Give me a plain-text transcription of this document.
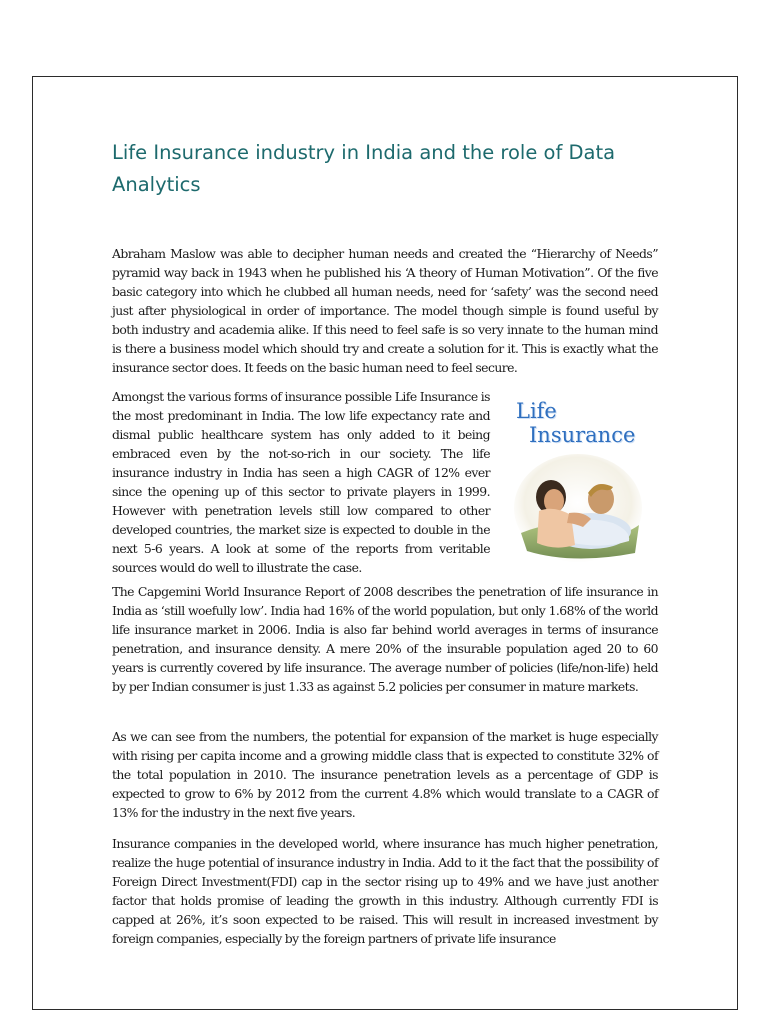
Life Insurance industry in India and the role of Data Analytics

Abraham Maslow was able to decipher human needs and created the “Hierarchy of Needs” pyramid way back in 1943 when he published his ‘A theory of Human Motivation”. Of the five basic category into which he clubbed all human needs, need for ‘safety’ was the second need just after physiological in order of importance. The model though simple is found useful by both industry and academia alike. If this need to feel safe is so very innate to the human mind is there a business model which should try and create a solution for it. This is exactly what the insurance sector does. It feeds on the basic human need to feel secure.

Amongst the various forms of insurance possible Life Insurance is the most predominant in India. The low life expectancy rate and dismal public healthcare system has only added to it being embraced even by the not-so-rich in our society. The life insurance industry in India has seen a high CAGR of 12% ever since the opening up of this sector to private players in 1999. However with penetration levels still low compared to other developed countries, the market size is expected to double in the next 5-6 years. A look at some of the reports from veritable sources would do well to illustrate the case.

Life
Insurance

The Capgemini World Insurance Report of 2008 describes the penetration of life insurance in India as ‘still woefully low’. India had 16% of the world population, but only 1.68% of the world life insurance market in 2006. India is also far behind world averages in terms of insurance penetration, and insurance density. A mere 20% of the insurable population aged 20 to 60 years is currently covered by life insurance. The average number of policies (life/non-life) held by per Indian consumer is just 1.33 as against 5.2 policies per consumer in mature markets.

As we can see from the numbers, the potential for expansion of the market is huge especially with rising per capita income and a growing middle class that is expected to constitute 32% of the total population in 2010. The insurance penetration levels as a percentage of GDP is expected to grow to 6% by 2012 from the current 4.8% which would translate to a CAGR of 13% for the industry in the next five years.

Insurance companies in the developed world, where insurance has much higher penetration, realize the huge potential of insurance industry in India. Add to it the fact that the possibility of Foreign Direct Investment(FDI) cap in the sector rising up to 49% and we have just another factor that holds promise of leading the growth in this industry. Although currently FDI is capped at 26%, it’s soon expected to be raised. This will result in increased investment by foreign companies, especially by the foreign partners of private life insurance
